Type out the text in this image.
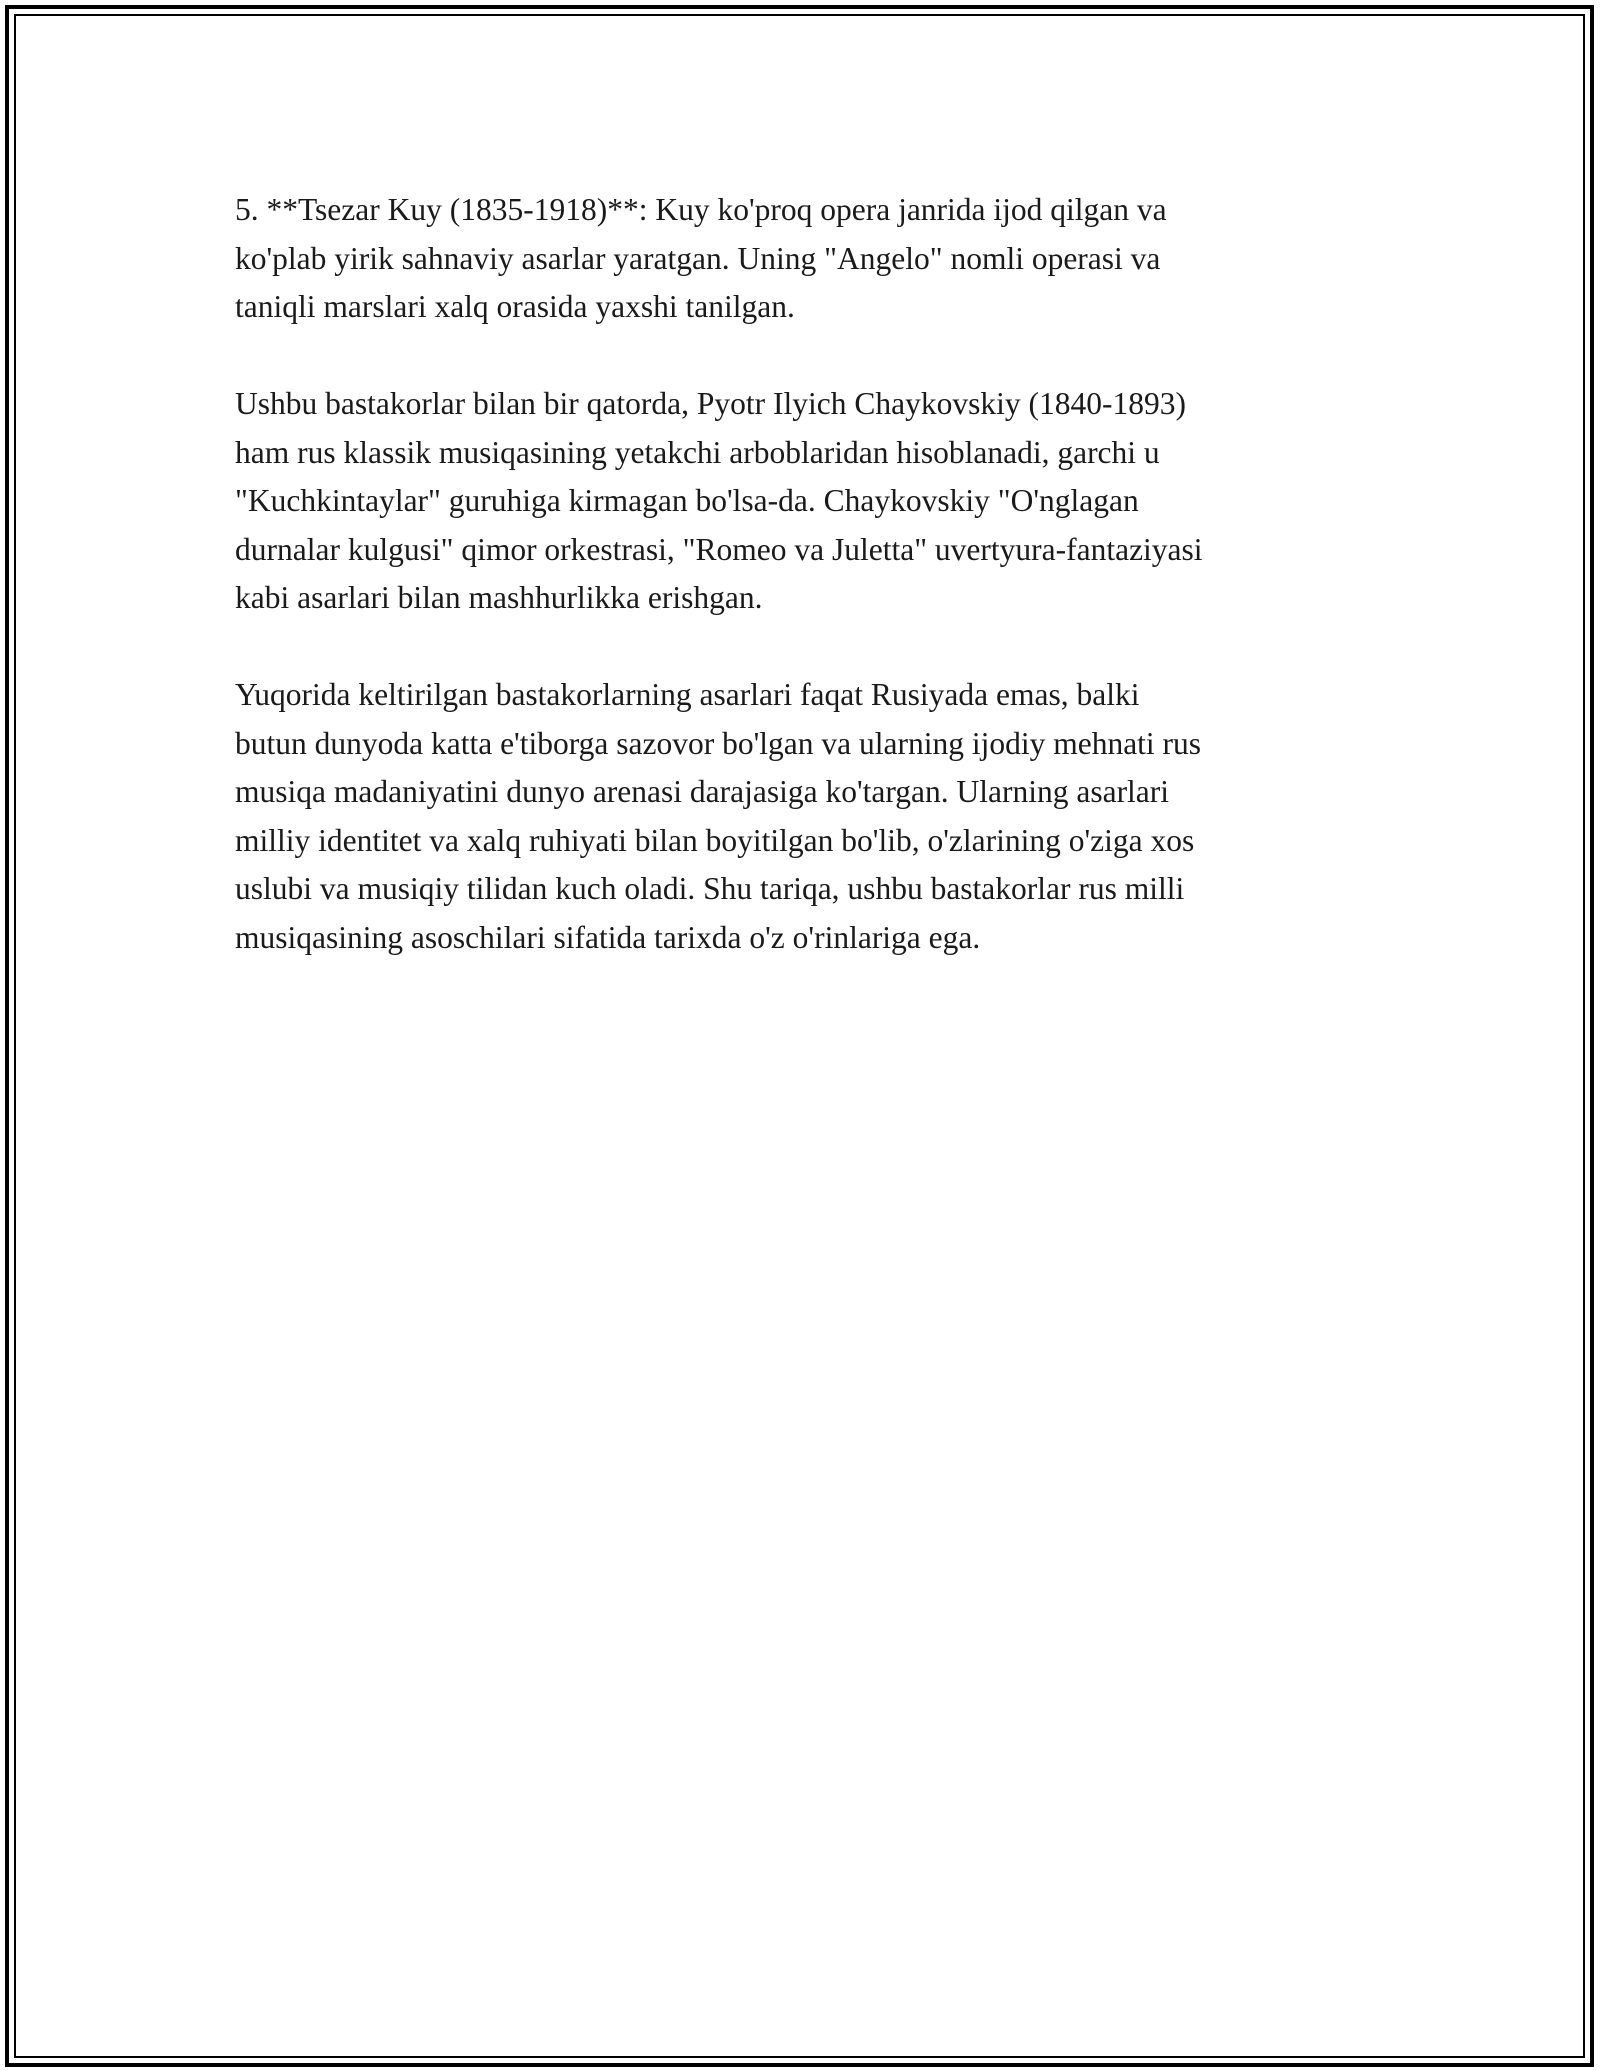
5. **Tsezar Kuy (1835-1918)**: Kuy ko'proq opera janrida ijod qilgan va
ko'plab yirik sahnaviy asarlar yaratgan. Uning "Angelo" nomli operasi va
taniqli marslari xalq orasida yaxshi tanilgan.

Ushbu bastakorlar bilan bir qatorda, Pyotr Ilyich Chaykovskiy (1840-1893)
ham rus klassik musiqasining yetakchi arboblaridan hisoblanadi, garchi u
"Kuchkintaylar" guruhiga kirmagan bo'lsa-da. Chaykovskiy "O'nglagan
durnalar kulgusi" qimor orkestrasi, "Romeo va Juletta" uvertyura-fantaziyasi
kabi asarlari bilan mashhurlikka erishgan.

Yuqorida keltirilgan bastakorlarning asarlari faqat Rusiyada emas, balki
butun dunyoda katta e'tiborga sazovor bo'lgan va ularning ijodiy mehnati rus
musiqa madaniyatini dunyo arenasi darajasiga ko'targan. Ularning asarlari
milliy identitet va xalq ruhiyati bilan boyitilgan bo'lib, o'zlarining o'ziga xos
uslubi va musiqiy tilidan kuch oladi. Shu tariqa, ushbu bastakorlar rus milli
musiqasining asoschilari sifatida tarixda o'z o'rinlariga ega.
